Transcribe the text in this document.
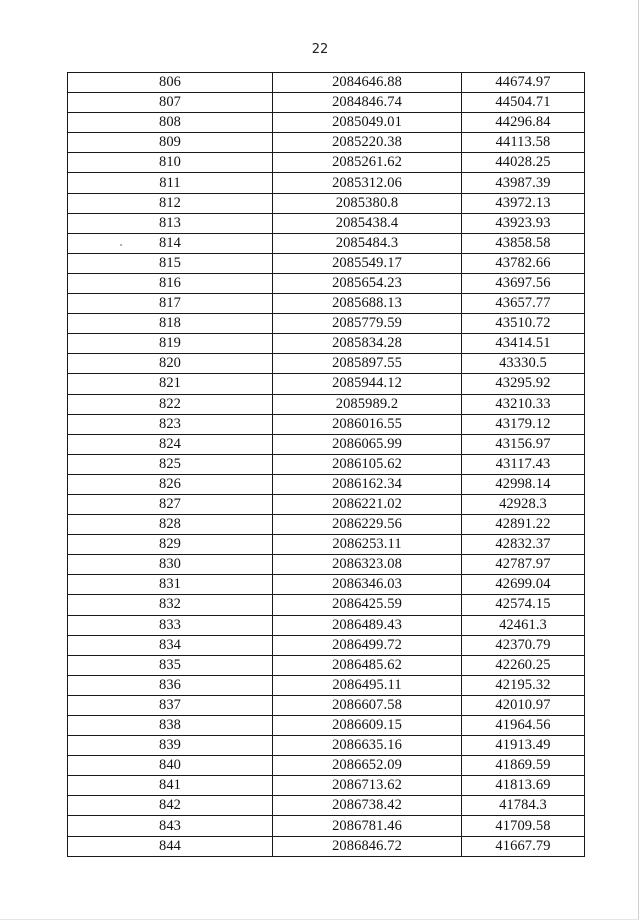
22
806	2084646.88	44674.97
807	2084846.74	44504.71
808	2085049.01	44296.84
809	2085220.38	44113.58
810	2085261.62	44028.25
811	2085312.06	43987.39
812	2085380.8	43972.13
813	2085438.4	43923.93
814	2085484.3	43858.58
815	2085549.17	43782.66
816	2085654.23	43697.56
817	2085688.13	43657.77
818	2085779.59	43510.72
819	2085834.28	43414.51
820	2085897.55	43330.5
821	2085944.12	43295.92
822	2085989.2	43210.33
823	2086016.55	43179.12
824	2086065.99	43156.97
825	2086105.62	43117.43
826	2086162.34	42998.14
827	2086221.02	42928.3
828	2086229.56	42891.22
829	2086253.11	42832.37
830	2086323.08	42787.97
831	2086346.03	42699.04
832	2086425.59	42574.15
833	2086489.43	42461.3
834	2086499.72	42370.79
835	2086485.62	42260.25
836	2086495.11	42195.32
837	2086607.58	42010.97
838	2086609.15	41964.56
839	2086635.16	41913.49
840	2086652.09	41869.59
841	2086713.62	41813.69
842	2086738.42	41784.3
843	2086781.46	41709.58
844	2086846.72	41667.79
